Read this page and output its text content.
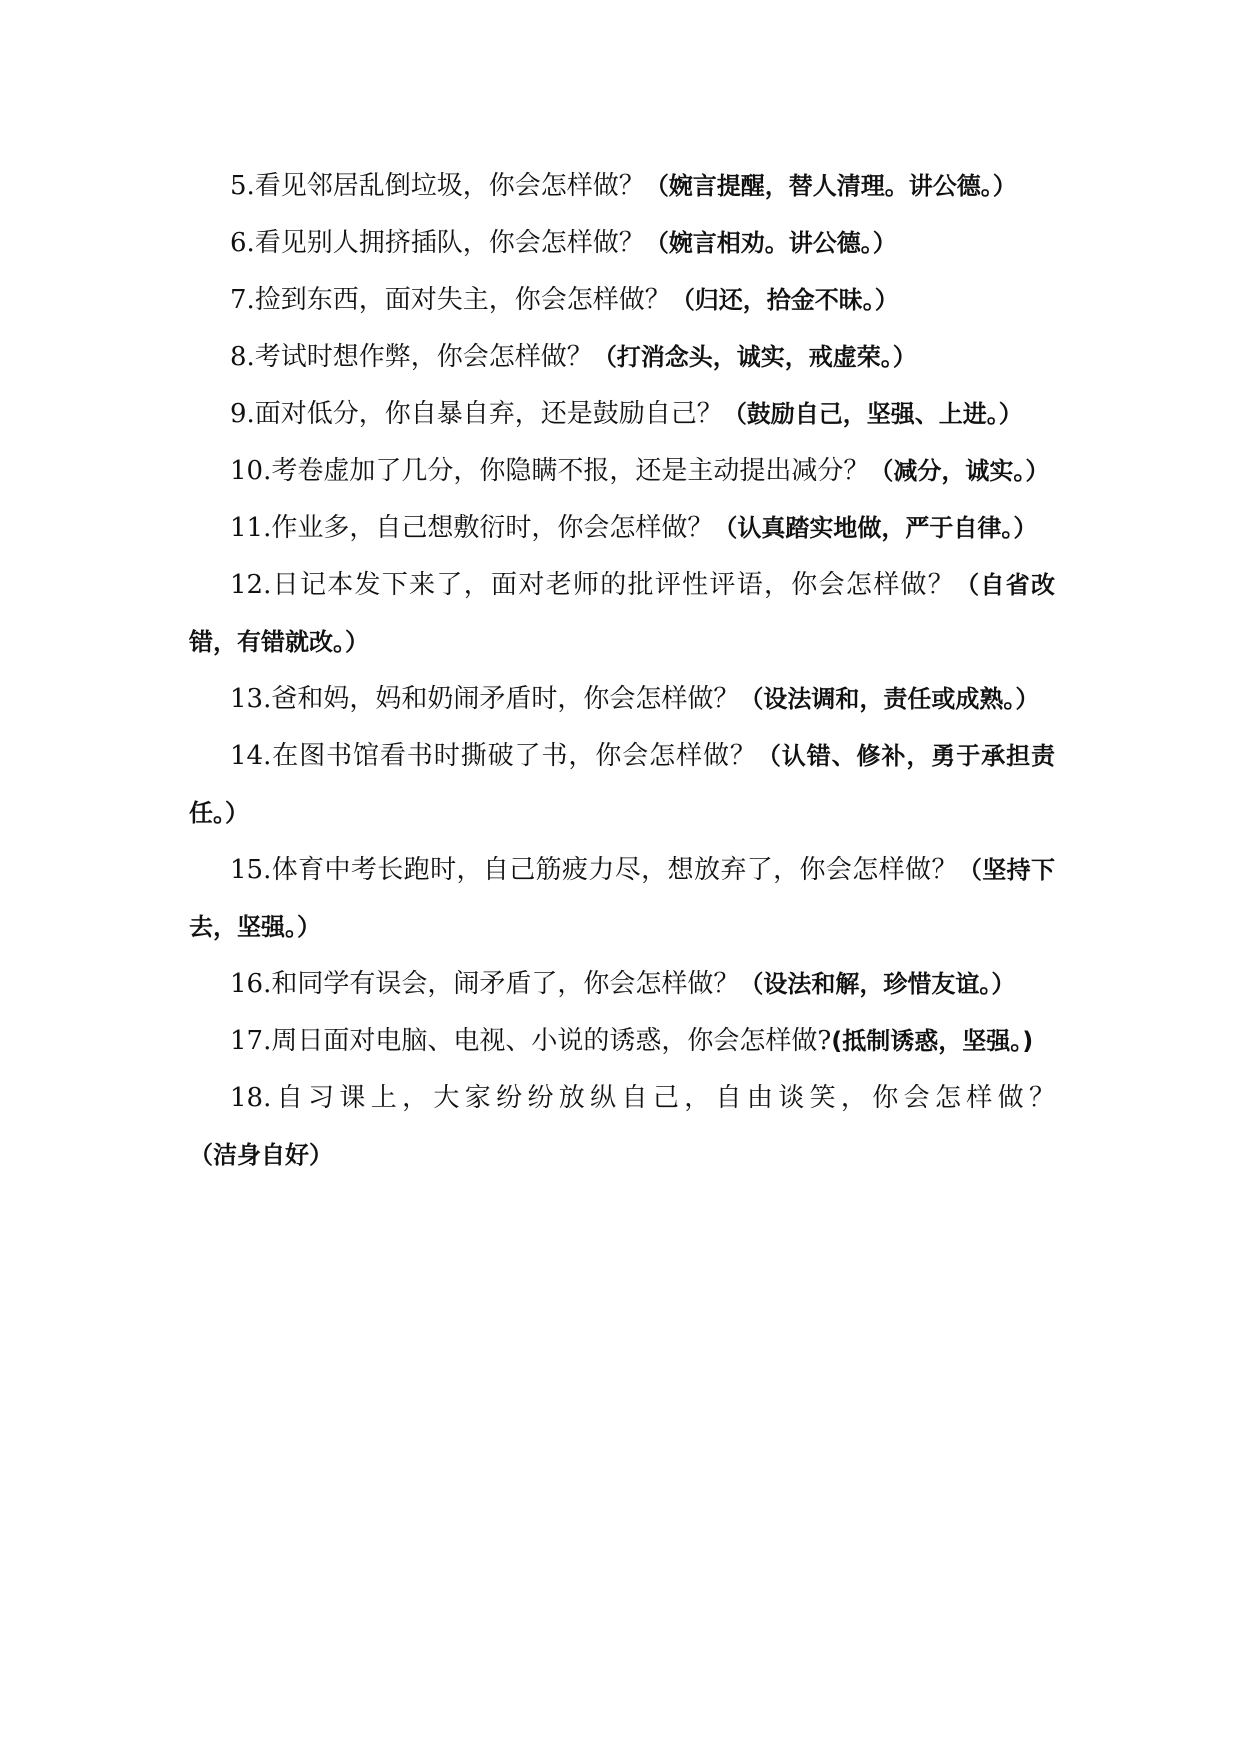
5.看见邻居乱倒垃圾，你会怎样做？（婉言提醒，替人清理。讲公德。）

6.看见别人拥挤插队，你会怎样做？（婉言相劝。讲公德。）

7.捡到东西，面对失主，你会怎样做？（归还，拾金不昧。）

8.考试时想作弊，你会怎样做？（打消念头，诚实，戒虚荣。）

9.面对低分，你自暴自弃，还是鼓励自己？（鼓励自己，坚强、上进。）

10.考卷虚加了几分，你隐瞒不报，还是主动提出减分？（减分，诚实。）

11.作业多，自己想敷衍时，你会怎样做？（认真踏实地做，严于自律。）

12.日记本发下来了，面对老师的批评性评语，你会怎样做？（自省改错，有错就改。）

13.爸和妈，妈和奶闹矛盾时，你会怎样做？（设法调和，责任或成熟。）

14.在图书馆看书时撕破了书，你会怎样做？（认错、修补，勇于承担责任。）

15.体育中考长跑时，自己筋疲力尽，想放弃了，你会怎样做？（坚持下去，坚强。）

16.和同学有误会，闹矛盾了，你会怎样做？（设法和解，珍惜友谊。）

17.周日面对电脑、电视、小说的诱惑，你会怎样做?(抵制诱惑，坚强。)

18.自习课上，大家纷纷放纵自己，自由谈笑，你会怎样做？（洁身自好）
